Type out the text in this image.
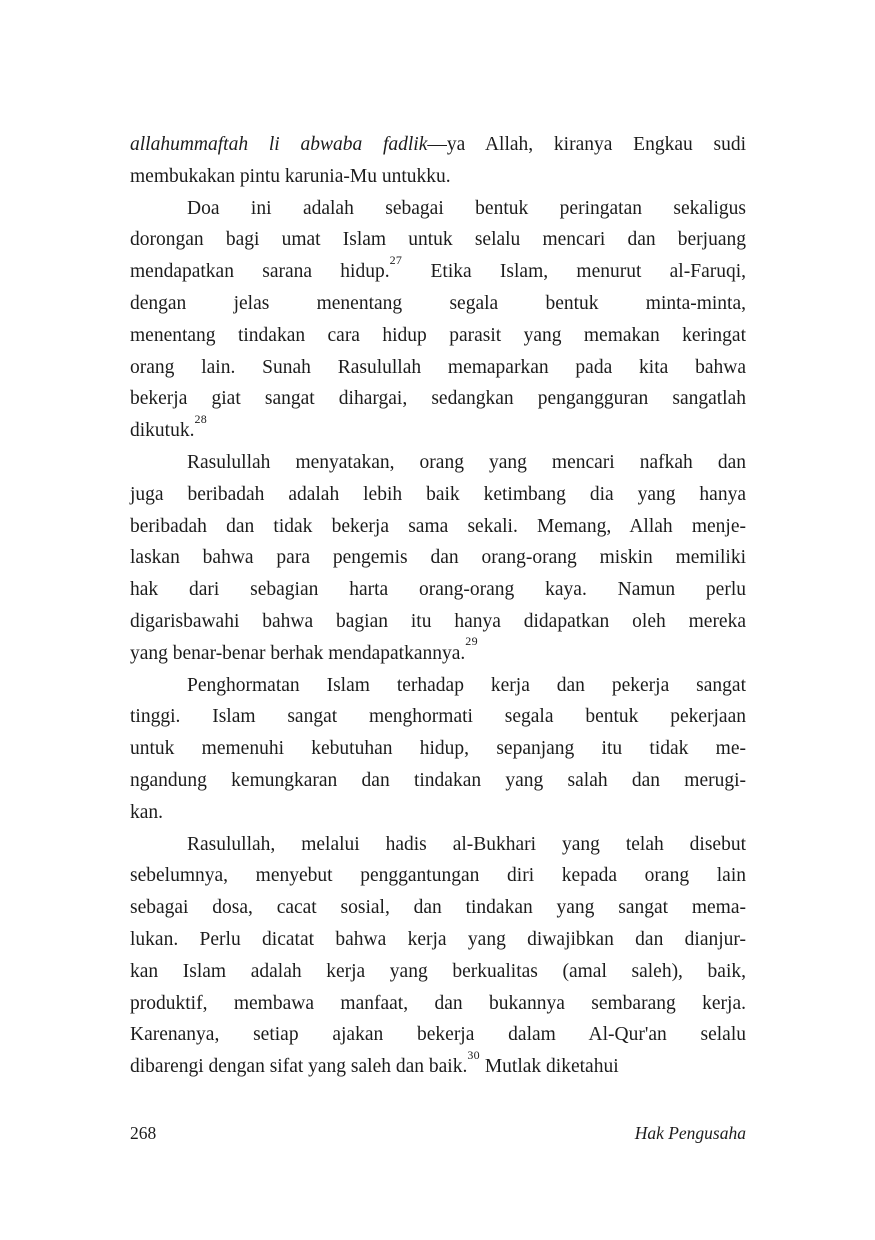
allahummaftah li abwaba fadlik—ya Allah, kiranya Engkau sudi
membukakan pintu karunia-Mu untukku.
Doa ini adalah sebagai bentuk peringatan sekaligus
dorongan bagi umat Islam untuk selalu mencari dan berjuang
mendapatkan sarana hidup.$^{27}$ Etika Islam, menurut al-Faruqi,
dengan jelas menentang segala bentuk minta-minta,
menentang tindakan cara hidup parasit yang memakan keringat
orang lain. Sunah Rasulullah memaparkan pada kita bahwa
bekerja giat sangat dihargai, sedangkan pengangguran sangatlah
dikutuk.$^{28}$
Rasulullah menyatakan, orang yang mencari nafkah dan
juga beribadah adalah lebih baik ketimbang dia yang hanya
beribadah dan tidak bekerja sama sekali. Memang, Allah menje-
laskan bahwa para pengemis dan orang-orang miskin memiliki
hak dari sebagian harta orang-orang kaya. Namun perlu
digarisbawahi bahwa bagian itu hanya didapatkan oleh mereka
yang benar-benar berhak mendapatkannya.$^{29}$
Penghormatan Islam terhadap kerja dan pekerja sangat
tinggi. Islam sangat menghormati segala bentuk pekerjaan
untuk memenuhi kebutuhan hidup, sepanjang itu tidak me-
ngandung kemungkaran dan tindakan yang salah dan merugi-
kan.
Rasulullah, melalui hadis al-Bukhari yang telah disebut
sebelumnya, menyebut penggantungan diri kepada orang lain
sebagai dosa, cacat sosial, dan tindakan yang sangat mema-
lukan. Perlu dicatat bahwa kerja yang diwajibkan dan dianjur-
kan Islam adalah kerja yang berkualitas (amal saleh), baik,
produktif, membawa manfaat, dan bukannya sembarang kerja.
Karenanya, setiap ajakan bekerja dalam Al-Qur'an selalu
dibarengi dengan sifat yang saleh dan baik.$^{30}$ Mutlak diketahui
268	Hak Pengusaha
